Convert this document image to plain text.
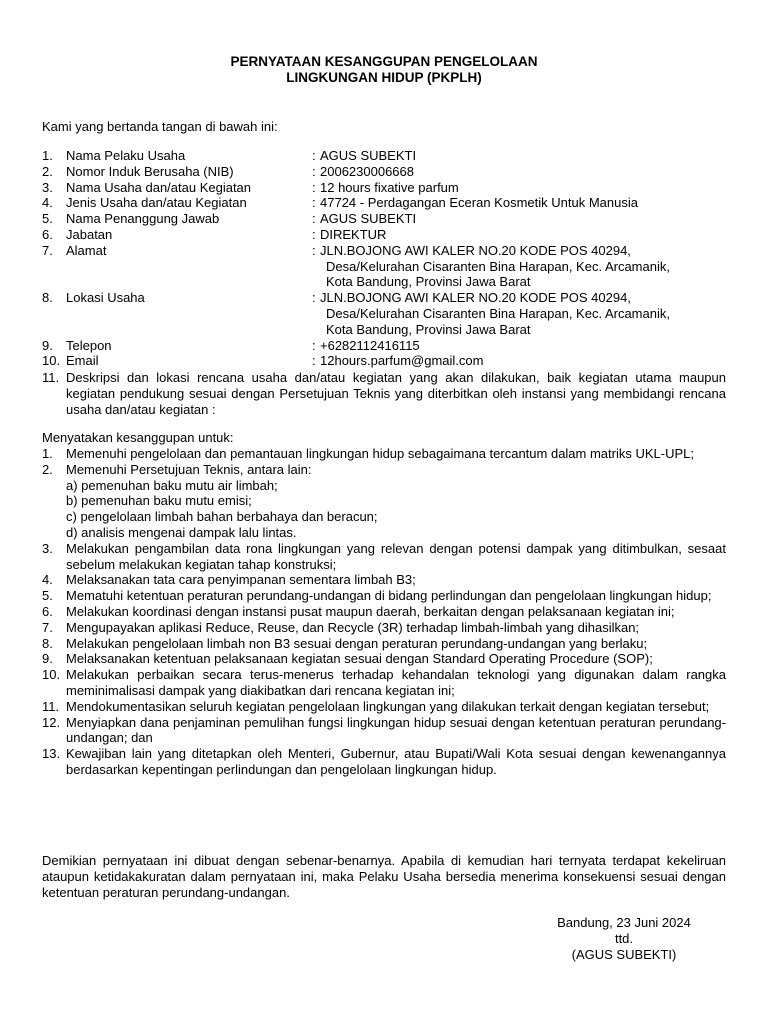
PERNYATAAN KESANGGUPAN PENGELOLAAN
LINGKUNGAN HIDUP (PKPLH)
Kami yang bertanda tangan di bawah ini:
1.	Nama Pelaku Usaha	: AGUS SUBEKTI
2.	Nomor Induk Berusaha (NIB)	: 2006230006668
3.	Nama Usaha dan/atau Kegiatan	: 12 hours fixative parfum
4.	Jenis Usaha dan/atau Kegiatan	: 47724 - Perdagangan Eceran Kosmetik Untuk Manusia
5.	Nama Penanggung Jawab	: AGUS SUBEKTI
6.	Jabatan	: DIREKTUR
7.	Alamat	: JLN.BOJONG AWI KALER NO.20 KODE POS 40294,
Desa/Kelurahan Cisaranten Bina Harapan, Kec. Arcamanik,
Kota Bandung, Provinsi Jawa Barat
8.	Lokasi Usaha	: JLN.BOJONG AWI KALER NO.20 KODE POS 40294,
Desa/Kelurahan Cisaranten Bina Harapan, Kec. Arcamanik,
Kota Bandung, Provinsi Jawa Barat
9.	Telepon	: +6282112416115
10. Email	: 12hours.parfum@gmail.com
11. Deskripsi dan lokasi rencana usaha dan/atau kegiatan yang akan dilakukan, baik kegiatan utama maupun kegiatan pendukung sesuai dengan Persetujuan Teknis yang diterbitkan oleh instansi yang membidangi rencana usaha dan/atau kegiatan :
Menyatakan kesanggupan untuk:
1.	Memenuhi pengelolaan dan pemantauan lingkungan hidup sebagaimana tercantum dalam matriks UKL-UPL;
2.	Memenuhi Persetujuan Teknis, antara lain:
a) pemenuhan baku mutu air limbah;
b) pemenuhan baku mutu emisi;
c) pengelolaan limbah bahan berbahaya dan beracun;
d) analisis mengenai dampak lalu lintas.
3.	Melakukan pengambilan data rona lingkungan yang relevan dengan potensi dampak yang ditimbulkan, sesaat sebelum melakukan kegiatan tahap konstruksi;
4.	Melaksanakan tata cara penyimpanan sementara limbah B3;
5.	Mematuhi ketentuan peraturan perundang-undangan di bidang perlindungan dan pengelolaan lingkungan hidup;
6.	Melakukan koordinasi dengan instansi pusat maupun daerah, berkaitan dengan pelaksanaan kegiatan ini;
7.	Mengupayakan aplikasi Reduce, Reuse, dan Recycle (3R) terhadap limbah-limbah yang dihasilkan;
8.	Melakukan pengelolaan limbah non B3 sesuai dengan peraturan perundang-undangan yang berlaku;
9.	Melaksanakan ketentuan pelaksanaan kegiatan sesuai dengan Standard Operating Procedure (SOP);
10. Melakukan perbaikan secara terus-menerus terhadap kehandalan teknologi yang digunakan dalam rangka meminimalisasi dampak yang diakibatkan dari rencana kegiatan ini;
11. Mendokumentasikan seluruh kegiatan pengelolaan lingkungan yang dilakukan terkait dengan kegiatan tersebut;
12. Menyiapkan dana penjaminan pemulihan fungsi lingkungan hidup sesuai dengan ketentuan peraturan perundang-undangan; dan
13. Kewajiban lain yang ditetapkan oleh Menteri, Gubernur, atau Bupati/Wali Kota sesuai dengan kewenangannya berdasarkan kepentingan perlindungan dan pengelolaan lingkungan hidup.
Demikian pernyataan ini dibuat dengan sebenar-benarnya. Apabila di kemudian hari ternyata terdapat kekeliruan ataupun ketidakakuratan dalam pernyataan ini, maka Pelaku Usaha bersedia menerima konsekuensi sesuai dengan ketentuan peraturan perundang-undangan.
Bandung, 23 Juni 2024
ttd.
(AGUS SUBEKTI)
